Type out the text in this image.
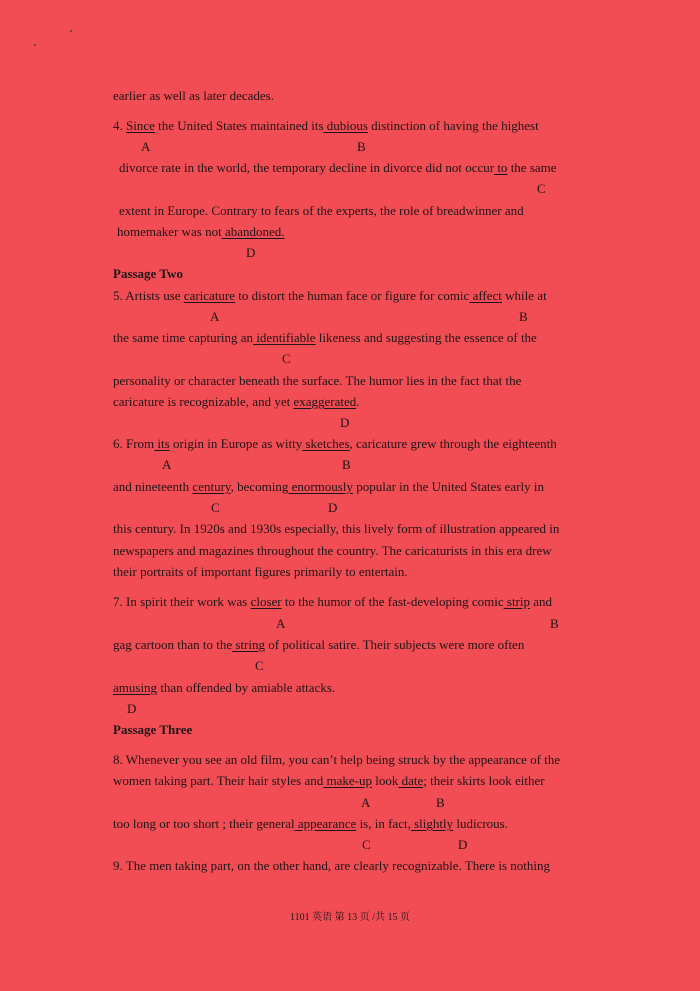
earlier as well as later decades.
4. Since the United States maintained its dubious distinction of having the highest
A	B
divorce rate in the world, the temporary decline in divorce did not occur to the same
C
extent in Europe. Contrary to fears of the experts, the role of breadwinner and
homemaker was not abandoned.
D
Passage Two
5. Artists use caricature to distort the human face or figure for comic affect while at
A	B
the same time capturing an identifiable likeness and suggesting the essence of the
C
personality or character beneath the surface. The humor lies in the fact that the
caricature is recognizable, and yet exaggerated.
D
6. From its origin in Europe as witty sketches, caricature grew through the eighteenth
A	B
and nineteenth century, becoming enormously popular in the United States early in
C	D
this century. In 1920s and 1930s especially, this lively form of illustration appeared in
newspapers and magazines throughout the country. The caricaturists in this era drew
their portraits of important figures primarily to entertain.
7. In spirit their work was closer to the humor of the fast-developing comic strip and
A	B
gag cartoon than to the string of political satire. Their subjects were more often
C
amusing than offended by amiable attacks.
D
Passage Three
8. Whenever you see an old film, you can’t help being struck by the appearance of the
women taking part. Their hair styles and make-up look date; their skirts look either
A	B
too long or too short ; their general appearance is, in fact, slightly ludicrous.
C	D
9. The men taking part, on the other hand, are clearly recognizable. There is nothing
1101 英语 第 13 页 /共 15 页
